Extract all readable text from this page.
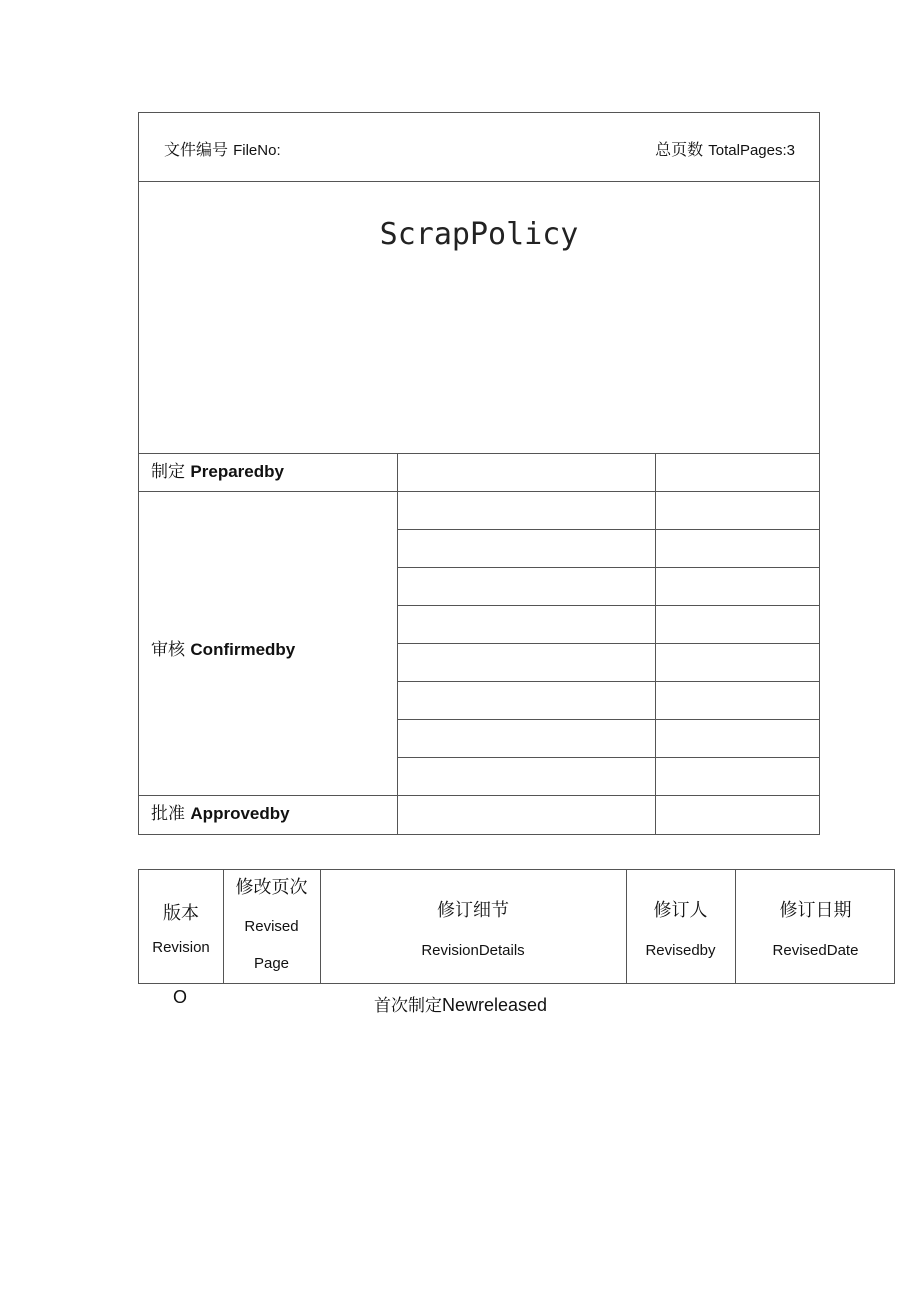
文件编号 FileNo:	总页数 TotalPages:3
ScrapPolicy
制定 Preparedby
审核 Confirmedby
批准 Approvedby
版本
Revision
修改页次
Revised
Page
修订细节
RevisionDetails
修订人
Revisedby
修订日期
RevisedDate
O	首次制定Newreleased
